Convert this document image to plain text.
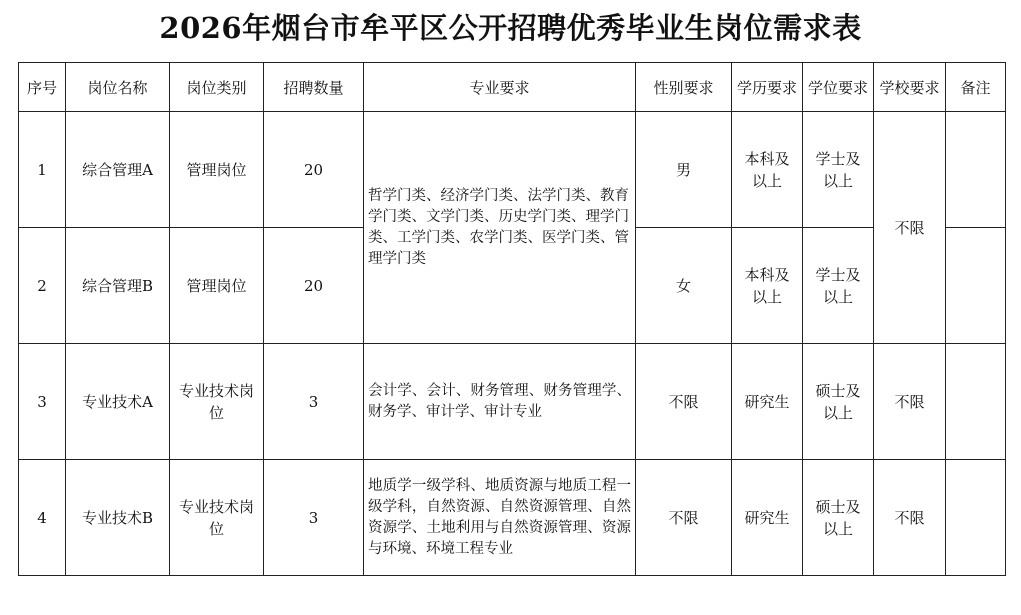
2026年烟台市牟平区公开招聘优秀毕业生岗位需求表
序号	岗位名称	岗位类别	招聘数量	专业要求	性别要求	学历要求	学位要求	学校要求	备注
1	综合管理A	管理岗位	20	哲学门类、经济学门类、法学门类、教育学门类、文学门类、历史学门类、理学门类、工学门类、农学门类、医学门类、管理学门类	男	本科及以上	学士及以上	不限	
2	综合管理B	管理岗位	20		女	本科及以上	学士及以上		
3	专业技术A	专业技术岗位	3	会计学、会计、财务管理、财务管理学、财务学、审计学、审计专业	不限	研究生	硕士及以上	不限	
4	专业技术B	专业技术岗位	3	地质学一级学科、地质资源与地质工程一级学科，自然资源、自然资源管理、自然资源学、土地利用与自然资源管理、资源与环境、环境工程专业	不限	研究生	硕士及以上	不限	
